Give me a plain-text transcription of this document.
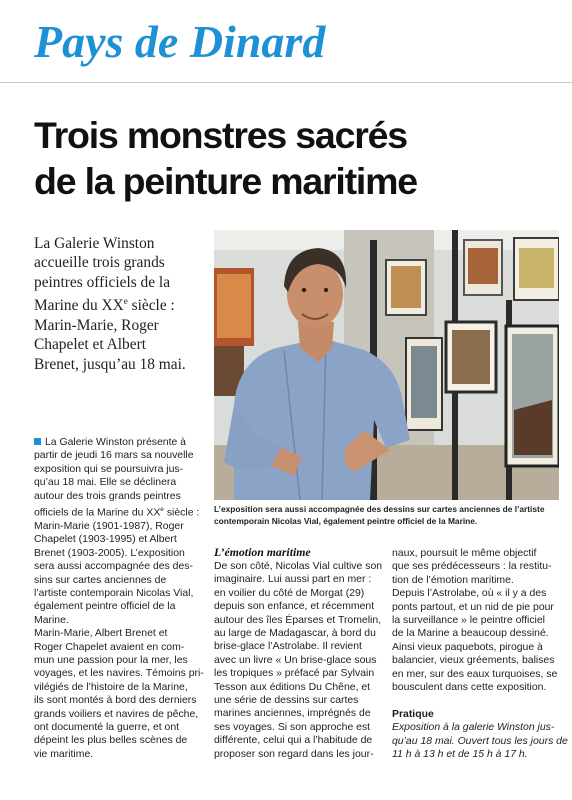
Pays de Dinard
Trois monstres sacrés
de la peinture maritime
La Galerie Winston
accueille trois grands
peintres officiels de la
Marine du XXe siècle :
Marin-Marie, Roger
Chapelet et Albert
Brenet, jusqu’au 18 mai.
L’exposition sera aussi accompagnée des dessins sur cartes anciennes de l’artiste
contemporain Nicolas Vial, également peintre officiel de la Marine.
La Galerie Winston présente à
partir de jeudi 16 mars sa nouvelle
exposition qui se poursuivra jus-
qu’au 18 mai. Elle se déclinera
autour des trois grands peintres
officiels de la Marine du XXe siècle :
Marin-Marie (1901-1987), Roger
Chapelet (1903-1995) et Albert
Brenet (1903-2005). L’exposition
sera aussi accompagnée des des-
sins sur cartes anciennes de
l’artiste contemporain Nicolas Vial,
également peintre officiel de la
Marine.
Marin-Marie, Albert Brenet et
Roger Chapelet avaient en com-
mun une passion pour la mer, les
voyages, et les navires. Témoins pri-
vilégiés de l’histoire de la Marine,
ils sont montés à bord des derniers
grands voiliers et navires de pêche,
ont documenté la guerre, et ont
dépeint les plus belles scènes de
vie maritime.
L’émotion maritime
De son côté, Nicolas Vial cultive son
imaginaire. Lui aussi part en mer :
en voilier du côté de Morgat (29)
depuis son enfance, et récemment
autour des îles Éparses et Tromelin,
au large de Madagascar, à bord du
brise-glace l’Astrolabe. Il revient
avec un livre « Un brise-glace sous
les tropiques » préfacé par Sylvain
Tesson aux éditions Du Chêne, et
une série de dessins sur cartes
marines anciennes, imprégnés de
ses voyages. Si son approche est
différente, celui qui a l’habitude de
proposer son regard dans les jour-
naux, poursuit le même objectif
que ses prédécesseurs : la restitu-
tion de l’émotion maritime.
Depuis l’Astrolabe, où « il y a des
ponts partout, et un nid de pie pour
la surveillance » le peintre officiel
de la Marine a beaucoup dessiné.
Ainsi vieux paquebots, pirogue à
balancier, vieux gréements, balises
en mer, sur des eaux turquoises, se
bousculent dans cette exposition.
Pratique
Exposition à la galerie Winston jus-
qu’au 18 mai. Ouvert tous les jours de
11 h à 13 h et de 15 h à 17 h.
